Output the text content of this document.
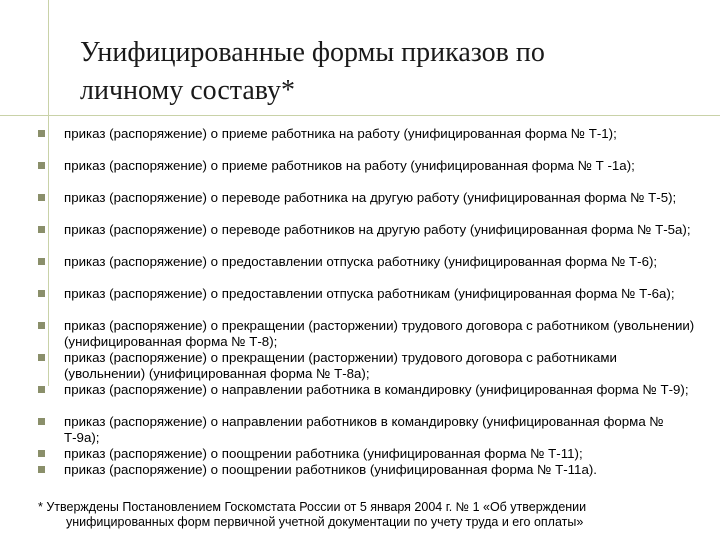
Унифицированные формы приказов по
личному составу*
приказ (распоряжение) о приеме работника на работу (унифицированная форма № Т-1);
приказ (распоряжение) о приеме работников на работу (унифицированная форма № Т -1а);
приказ (распоряжение) о переводе работника на другую работу (унифицированная форма № Т-5);
приказ (распоряжение) о переводе работников на другую работу (унифицированная форма № Т-5а);
приказ (распоряжение) о предоставлении отпуска работнику (унифицированная форма № Т-6);
приказ (распоряжение) о предоставлении отпуска работникам (унифицированная форма № Т-6а);
приказ (распоряжение) о прекращении (расторжении) трудового договора с работником (увольнении) (унифицированная форма № Т-8);
приказ (распоряжение) о прекращении (расторжении) трудового договора с работниками (увольнении) (унифицированная форма № Т-8а);
приказ (распоряжение) о направлении работника в командировку (унифицированная форма № Т-9);
приказ (распоряжение) о направлении работников в командировку (унифицированная форма № Т-9а);
приказ (распоряжение) о поощрении работника (унифицированная форма № Т-11);
приказ (распоряжение) о поощрении работников (унифицированная форма № Т-11а).
* Утверждены Постановлением Госкомстата России от 5 января 2004 г. № 1 «Об утверждении
унифицированных форм первичной учетной документации по учету труда и его оплаты»
